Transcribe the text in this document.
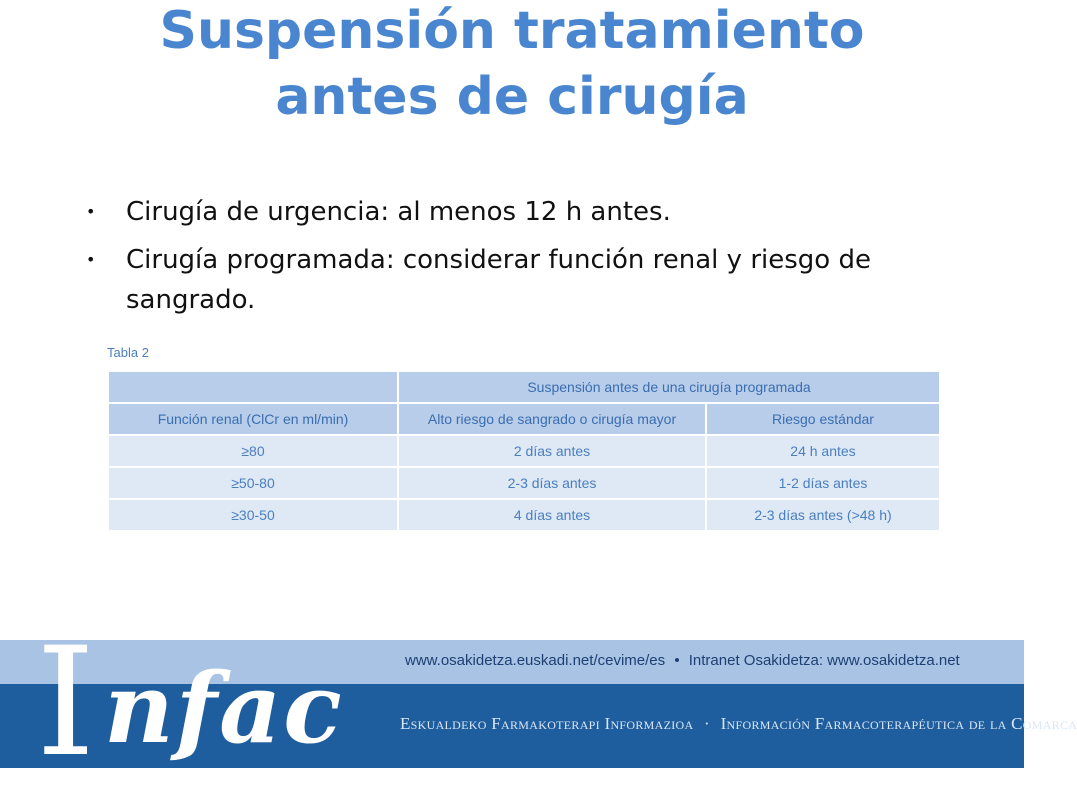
Suspensión tratamiento
antes de cirugía
• Cirugía de urgencia: al menos 12 h antes.
• Cirugía programada: considerar función renal y riesgo de sangrado.
Tabla 2
	Suspensión antes de una cirugía programada	
Función renal (ClCr en ml/min)	Alto riesgo de sangrado o cirugía mayor	Riesgo estándar
≥80	2 días antes	24 h antes
≥50-80	2-3 días antes	1-2 días antes
≥30-50	4 días antes	2-3 días antes (>48 h)
www.osakidetza.euskadi.net/cevime/es • Intranet Osakidetza: www.osakidetza.net
I nfac	Eskualdeko Farmakoterapi Informazioa · Información Farmacoterapéutica de la Comarca
